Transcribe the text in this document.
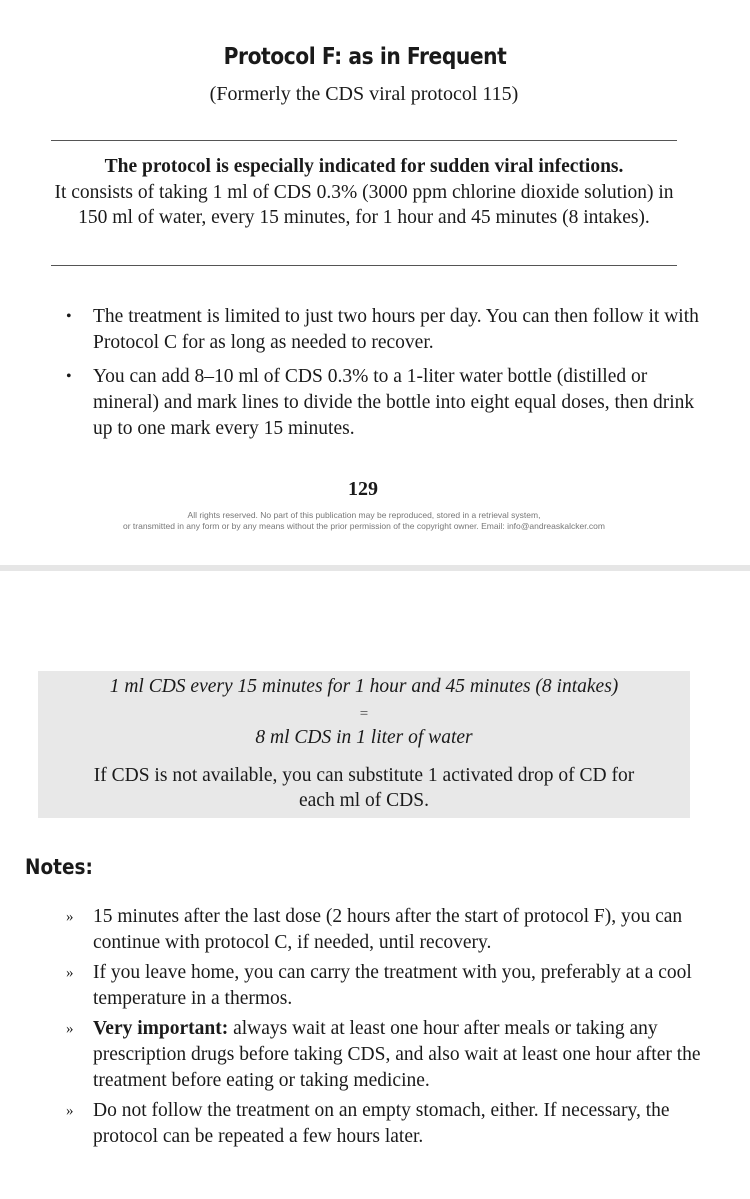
Protocol F: as in Frequent
(Formerly the CDS viral protocol 115)
The protocol is especially indicated for sudden viral infections.
It consists of taking 1 ml of CDS 0.3% (3000 ppm chlorine dioxide solution) in 150 ml of water, every 15 minutes, for 1 hour and 45 minutes (8 intakes).
• The treatment is limited to just two hours per day. You can then follow it with Protocol C for as long as needed to recover.
• You can add 8–10 ml of CDS 0.3% to a 1-liter water bottle (distilled or mineral) and mark lines to divide the bottle into eight equal doses, then drink up to one mark every 15 minutes.
129
All rights reserved. No part of this publication may be reproduced, stored in a retrieval system,
or transmitted in any form or by any means without the prior permission of the copyright owner. Email: info@andreaskalcker.com
1 ml CDS every 15 minutes for 1 hour and 45 minutes (8 intakes)
=
8 ml CDS in 1 liter of water
If CDS is not available, you can substitute 1 activated drop of CD for each ml of CDS.
Notes:
» 15 minutes after the last dose (2 hours after the start of protocol F), you can continue with protocol C, if needed, until recovery.
» If you leave home, you can carry the treatment with you, preferably at a cool temperature in a thermos.
» Very important: always wait at least one hour after meals or taking any prescription drugs before taking CDS, and also wait at least one hour after the treatment before eating or taking medicine.
» Do not follow the treatment on an empty stomach, either. If necessary, the protocol can be repeated a few hours later.
